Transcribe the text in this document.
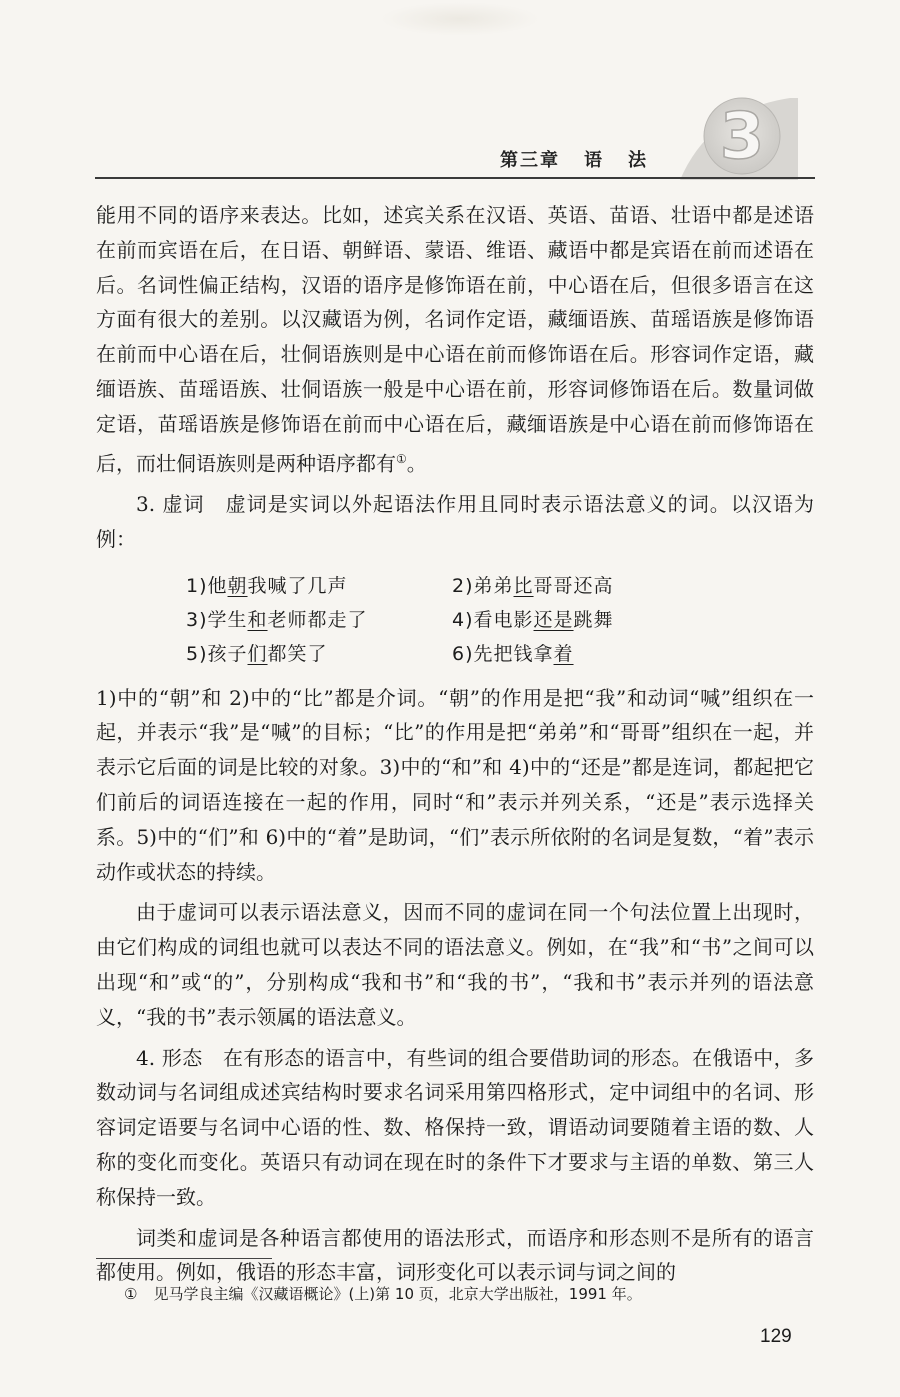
第三章 语 法 3

能用不同的语序来表达。比如，述宾关系在汉语、英语、苗语、壮语中都是述语在前而宾语在后，在日语、朝鲜语、蒙语、维语、藏语中都是宾语在前而述语在后。名词性偏正结构，汉语的语序是修饰语在前，中心语在后，但很多语言在这方面有很大的差别。以汉藏语为例，名词作定语，藏缅语族、苗瑶语族是修饰语在前而中心语在后，壮侗语族则是中心语在前而修饰语在后。形容词作定语，藏缅语族、苗瑶语族、壮侗语族一般是中心语在前，形容词修饰语在后。数量词做定语，苗瑶语族是修饰语在前而中心语在后，藏缅语族是中心语在前而修饰语在后，而壮侗语族则是两种语序都有①。

3. 虚词　虚词是实词以外起语法作用且同时表示语法意义的词。以汉语为例：

1)他朝我喊了几声	2)弟弟比哥哥还高
3)学生和老师都走了	4)看电影还是跳舞
5)孩子们都笑了	6)先把钱拿着

1)中的“朝”和 2)中的“比”都是介词。“朝”的作用是把“我”和动词“喊”组织在一起，并表示“我”是“喊”的目标；“比”的作用是把“弟弟”和“哥哥”组织在一起，并表示它后面的词是比较的对象。3)中的“和”和 4)中的“还是”都是连词，都起把它们前后的词语连接在一起的作用，同时“和”表示并列关系，“还是”表示选择关系。5)中的“们”和 6)中的“着”是助词，“们”表示所依附的名词是复数，“着”表示动作或状态的持续。

由于虚词可以表示语法意义，因而不同的虚词在同一个句法位置上出现时，由它们构成的词组也就可以表达不同的语法意义。例如，在“我”和“书”之间可以出现“和”或“的”，分别构成“我和书”和“我的书”，“我和书”表示并列的语法意义，“我的书”表示领属的语法意义。

4. 形态　在有形态的语言中，有些词的组合要借助词的形态。在俄语中，多数动词与名词组成述宾结构时要求名词采用第四格形式，定中词组中的名词、形容词定语要与名词中心语的性、数、格保持一致，谓语动词要随着主语的数、人称的变化而变化。英语只有动词在现在时的条件下才要求与主语的单数、第三人称保持一致。

词类和虚词是各种语言都使用的语法形式，而语序和形态则不是所有的语言都使用。例如，俄语的形态丰富，词形变化可以表示词与词之间的

① 见马学良主编《汉藏语概论》(上)第 10 页，北京大学出版社，1991 年。
129
